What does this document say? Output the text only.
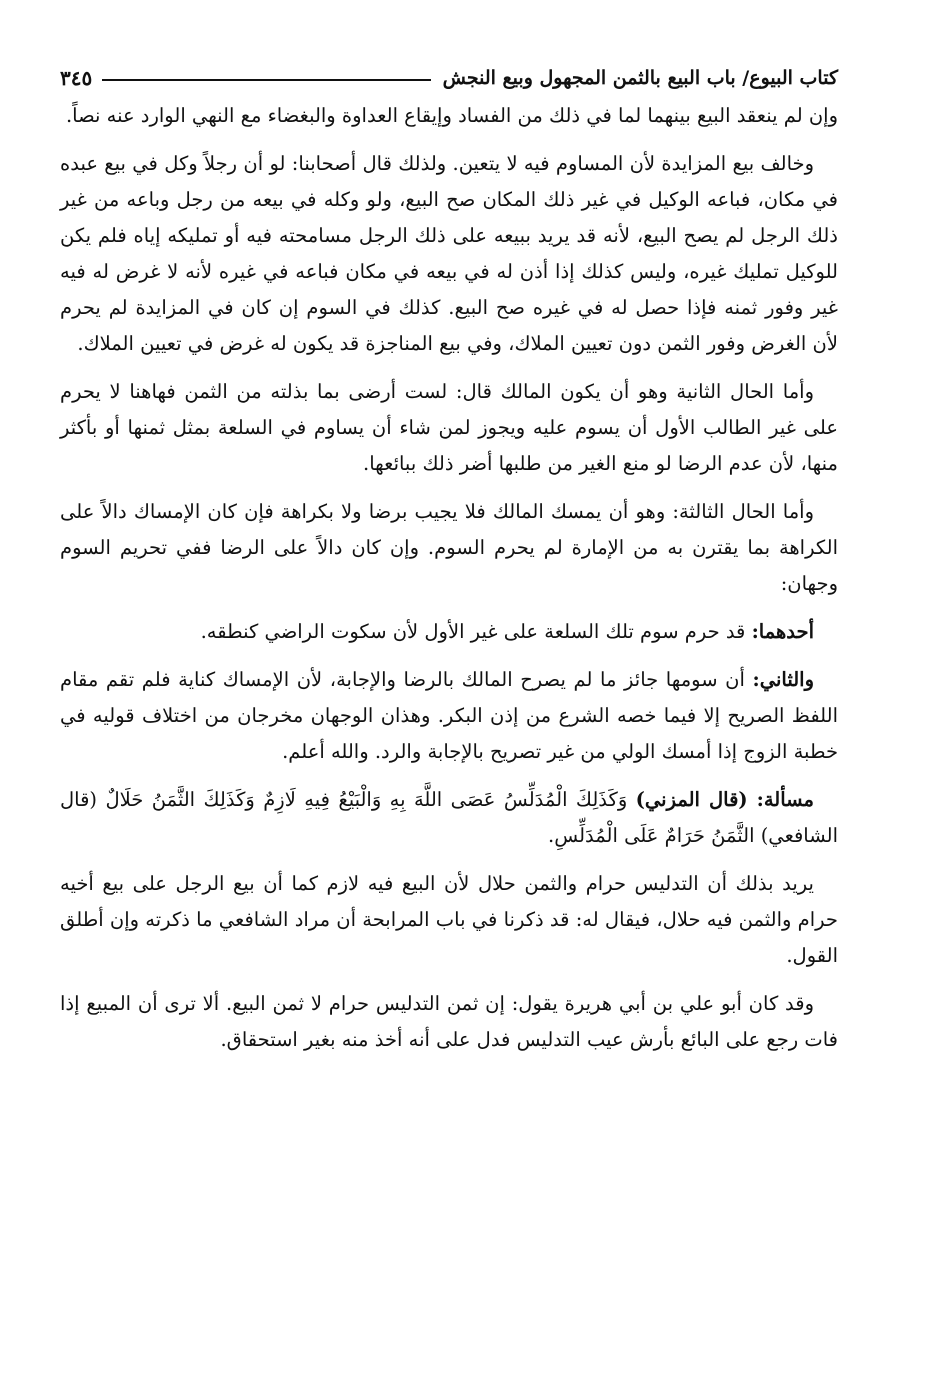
كتاب البيوع/ باب البيع بالثمن المجهول وبيع النجش
٣٤٥

وإن لم ينعقد البيع بينهما لما في ذلك من الفساد وإيقاع العداوة والبغضاء مع النهي الوارد عنه نصاً.

وخالف بيع المزايدة لأن المساوم فيه لا يتعين. ولذلك قال أصحابنا: لو أن رجلاً وكل في بيع عبده في مكان، فباعه الوكيل في غير ذلك المكان صح البيع، ولو وكله في بيعه من رجل وباعه من غير ذلك الرجل لم يصح البيع، لأنه قد يريد ببيعه على ذلك الرجل مسامحته فيه أو تمليكه إياه فلم يكن للوكيل تمليك غيره، وليس كذلك إذا أذن له في بيعه في مكان فباعه في غيره لأنه لا غرض له فيه غير وفور ثمنه فإذا حصل له في غيره صح البيع. كذلك في السوم إن كان في المزايدة لم يحرم لأن الغرض وفور الثمن دون تعيين الملاك، وفي بيع المناجزة قد يكون له غرض في تعيين الملاك.

وأما الحال الثانية وهو أن يكون المالك قال: لست أرضى بما بذلته من الثمن فهاهنا لا يحرم على غير الطالب الأول أن يسوم عليه ويجوز لمن شاء أن يساوم في السلعة بمثل ثمنها أو بأكثر منها، لأن عدم الرضا لو منع الغير من طلبها أضر ذلك ببائعها.

وأما الحال الثالثة: وهو أن يمسك المالك فلا يجيب برضا ولا بكراهة فإن كان الإمساك دالاً على الكراهة بما يقترن به من الإمارة لم يحرم السوم. وإن كان دالاً على الرضا ففي تحريم السوم وجهان:

أحدهما: قد حرم سوم تلك السلعة على غير الأول لأن سكوت الراضي كنطقه.

والثاني: أن سومها جائز ما لم يصرح المالك بالرضا والإجابة، لأن الإمساك كناية فلم تقم مقام اللفظ الصريح إلا فيما خصه الشرع من إذن البكر. وهذان الوجهان مخرجان من اختلاف قوليه في خطبة الزوج إذا أمسك الولي من غير تصريح بالإجابة والرد. والله أعلم.

مسألة: (قال المزني) وَكَذَلِكَ الْمُدَلِّسُ عَصَى اللَّهَ بِهِ وَالْبَيْعُ فِيهِ لَازِمٌ وَكَذَلِكَ الثَّمَنُ حَلَالٌ (قال الشافعي) الثَّمَنُ حَرَامٌ عَلَى الْمُدَلِّسِ.

يريد بذلك أن التدليس حرام والثمن حلال لأن البيع فيه لازم كما أن بيع الرجل على بيع أخيه حرام والثمن فيه حلال، فيقال له: قد ذكرنا في باب المرابحة أن مراد الشافعي ما ذكرته وإن أطلق القول.

وقد كان أبو علي بن أبي هريرة يقول: إن ثمن التدليس حرام لا ثمن البيع. ألا ترى أن المبيع إذا فات رجع على البائع بأرش عيب التدليس فدل على أنه أخذ منه بغير استحقاق.
